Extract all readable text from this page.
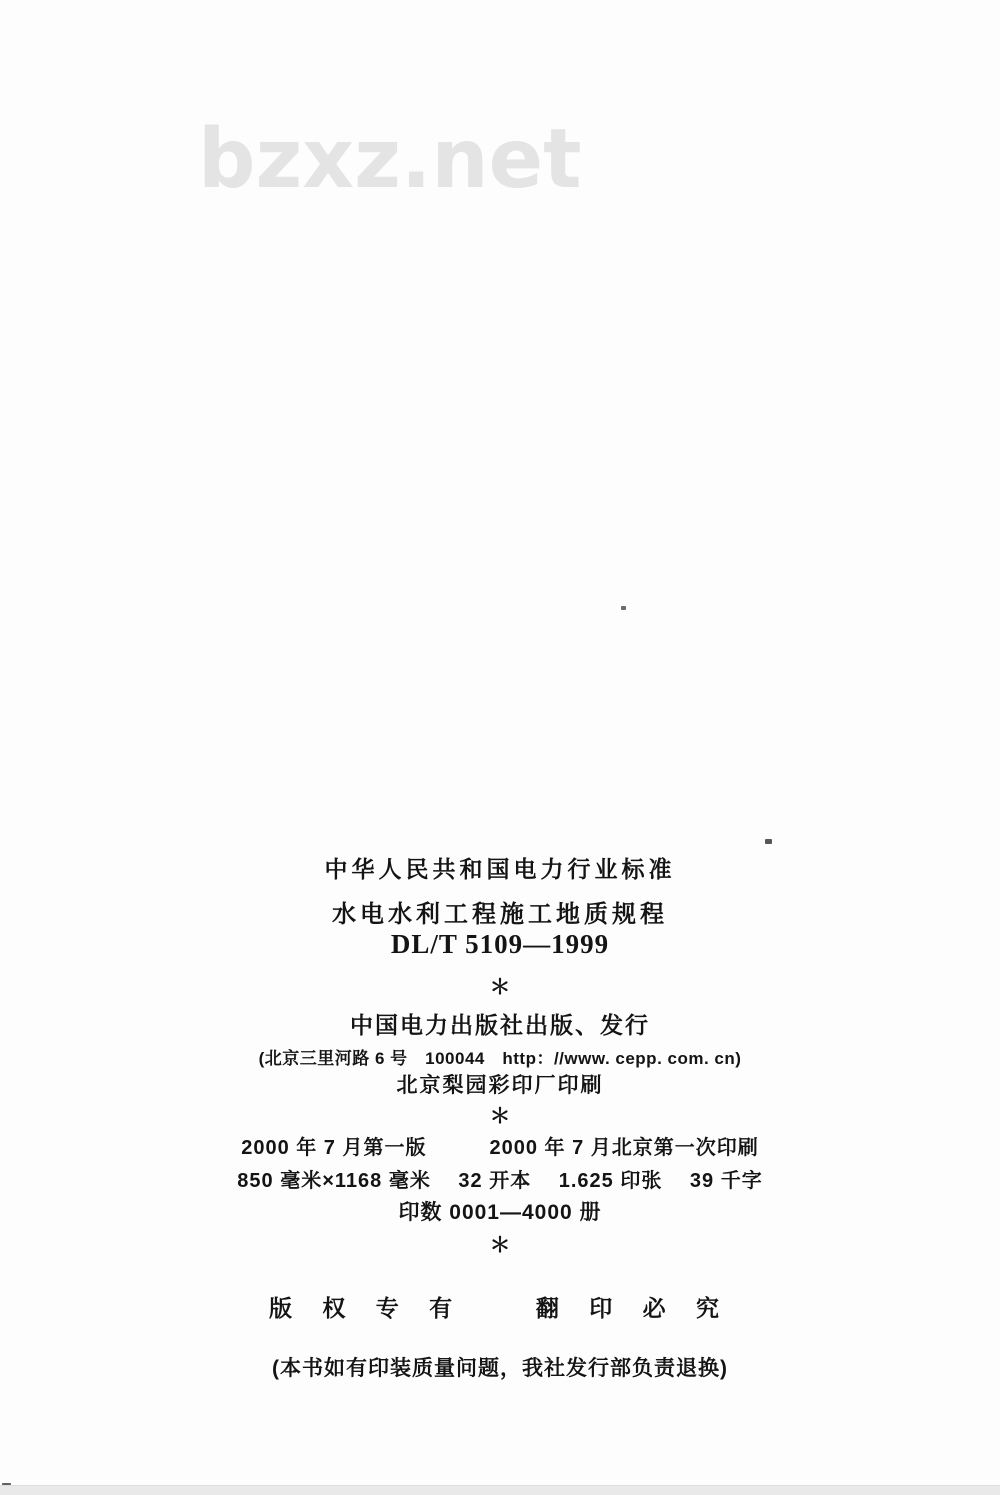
bzxz.net
中华人民共和国电力行业标准
水电水利工程施工地质规程
DL/T 5109—1999
＊
中国电力出版社出版、发行
(北京三里河路 6 号　100044　http：//www. cepp. com. cn)
北京梨园彩印厂印刷
＊
2000 年 7 月第一版　　　2000 年 7 月北京第一次印刷
850 毫米×1168 毫米　 32 开本 　1.625 印张　 39 千字
印数 0001—4000 册
＊
版 权 专 有 　 翻 印 必 究
(本书如有印装质量问题，我社发行部负责退换)
